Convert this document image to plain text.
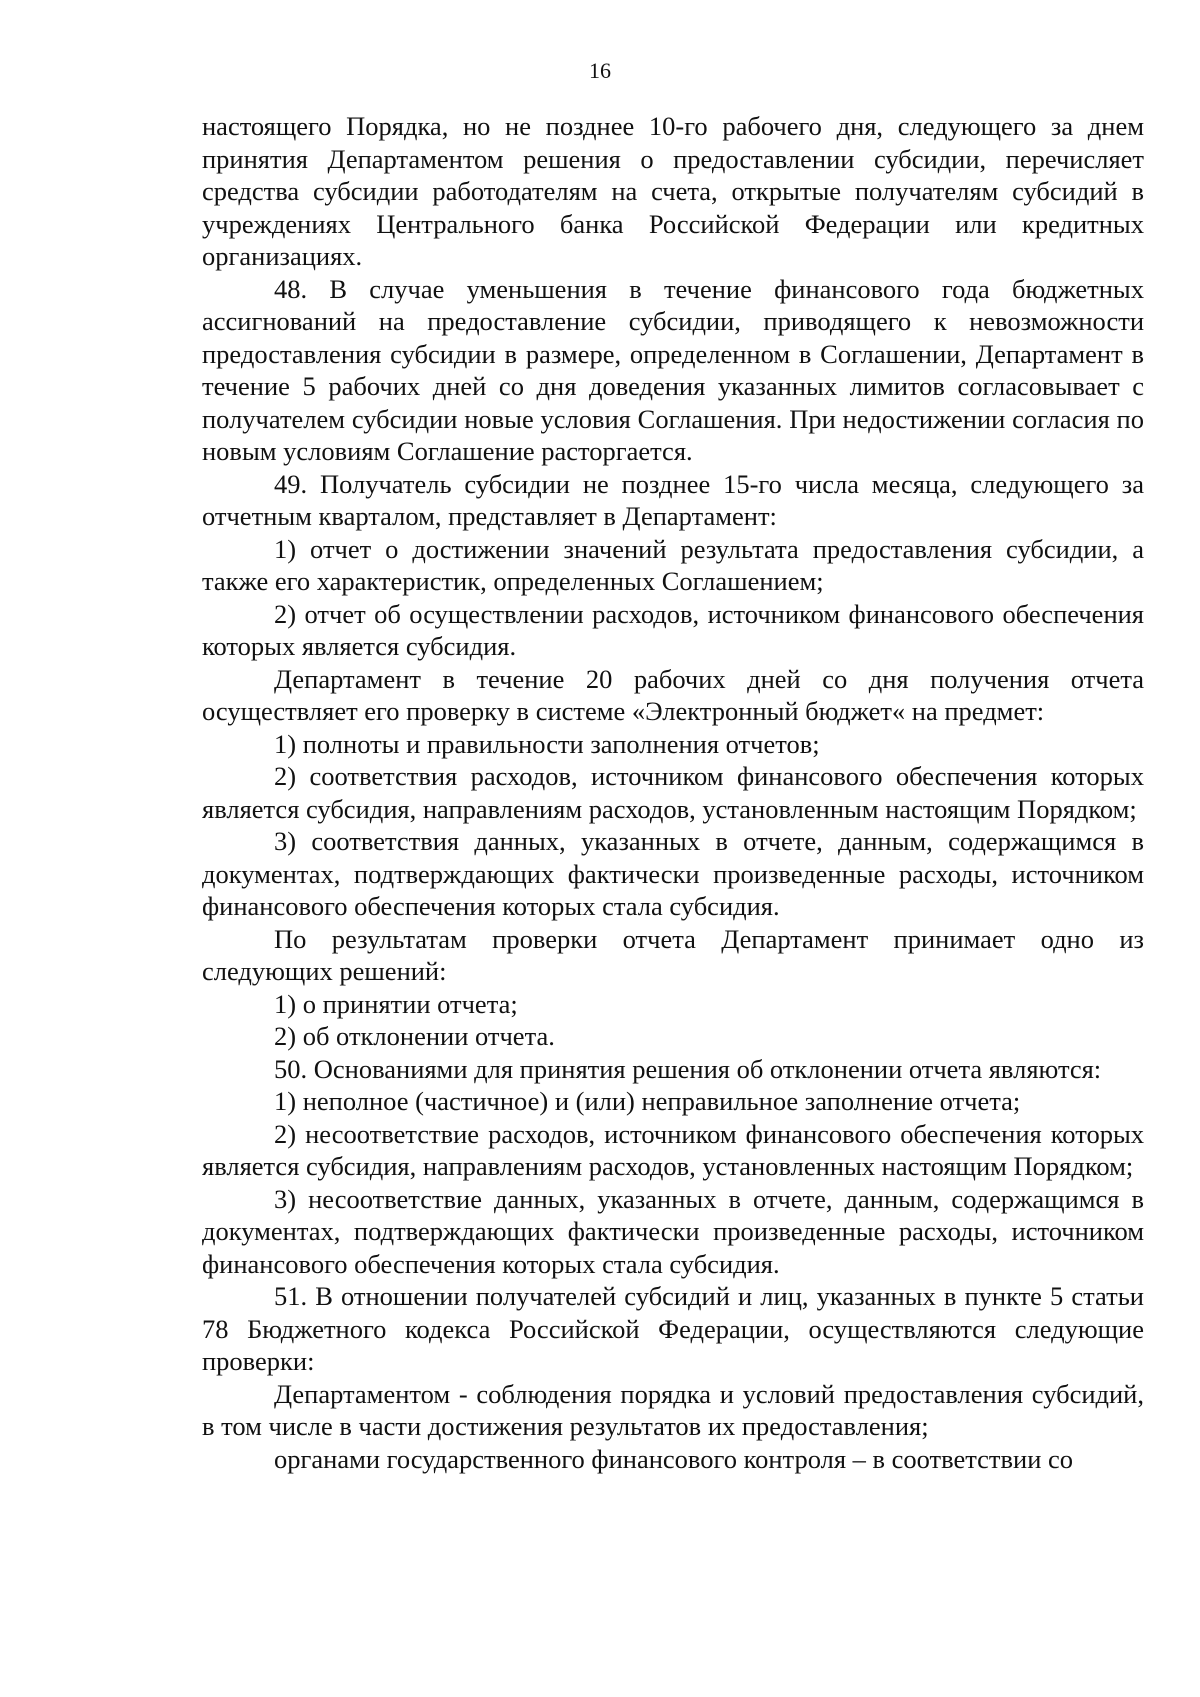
16

настоящего Порядка, но не позднее 10-го рабочего дня, следующего за днем принятия Департаментом решения о предоставлении субсидии, перечисляет средства субсидии работодателям на счета, открытые получателям субсидий в учреждениях Центрального банка Российской Федерации или кредитных организациях.

48. В случае уменьшения в течение финансового года бюджетных ассигнований на предоставление субсидии, приводящего к невозможности предоставления субсидии в размере, определенном в Соглашении, Департамент в течение 5 рабочих дней со дня доведения указанных лимитов согласовывает с получателем субсидии новые условия Соглашения. При недостижении согласия по новым условиям Соглашение расторгается.

49. Получатель субсидии не позднее 15-го числа месяца, следующего за отчетным кварталом, представляет в Департамент:

1) отчет о достижении значений результата предоставления субсидии, а также его характеристик, определенных Соглашением;

2) отчет об осуществлении расходов, источником финансового обеспечения которых является субсидия.

Департамент в течение 20 рабочих дней со дня получения отчета осуществляет его проверку в системе «Электронный бюджет« на предмет:

1) полноты и правильности заполнения отчетов;

2) соответствия расходов, источником финансового обеспечения которых является субсидия, направлениям расходов, установленным настоящим Порядком;

3) соответствия данных, указанных в отчете, данным, содержащимся в документах, подтверждающих фактически произведенные расходы, источником финансового обеспечения которых стала субсидия.

По результатам проверки отчета Департамент принимает одно из следующих решений:

1) о принятии отчета;

2) об отклонении отчета.

50. Основаниями для принятия решения об отклонении отчета являются:

1) неполное (частичное) и (или) неправильное заполнение отчета;

2) несоответствие расходов, источником финансового обеспечения которых является субсидия, направлениям расходов, установленных настоящим Порядком;

3) несоответствие данных, указанных в отчете, данным, содержащимся в документах, подтверждающих фактически произведенные расходы, источником финансового обеспечения которых стала субсидия.

51. В отношении получателей субсидий и лиц, указанных в пункте 5 статьи 78 Бюджетного кодекса Российской Федерации, осуществляются следующие проверки:

Департаментом - соблюдения порядка и условий предоставления субсидий, в том числе в части достижения результатов их предоставления;

органами государственного финансового контроля – в соответствии со
